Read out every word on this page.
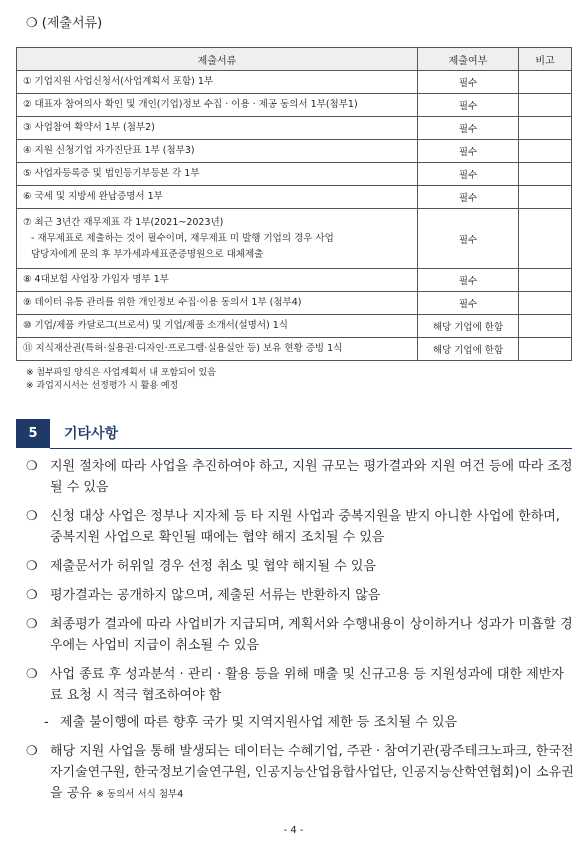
❍ (제출서류)
제출서류	제출여부	비고

① 기업지원 사업신청서(사업계획서 포함) 1부	필수	

② 대표자 참여의사 확인 및 개인(기업)정보 수집 · 이용 · 제공 동의서 1부(첨부1)	필수	

③ 사업참여 확약서 1부 (첨부2)	필수	

④ 지원 신청기업 자가진단표 1부 (첨부3)	필수	

⑤ 사업자등록증 및 법인등기부등본 각 1부	필수	

⑥ 국세 및 지방세 완납증명서 1부	필수	

⑦ 최근 3년간 재무제표 각 1부(2021~2023년)
- 재무제표로 제출하는 것이 필수이며, 재무제표 미 발행 기업의 경우 사업
담당자에게 문의 후 부가세과세표준증명원으로 대체제출	필수	

⑧ 4대보험 사업장 가입자 명부 1부	필수	

⑨ 데이터 유통 관리를 위한 개인정보 수집·이용 동의서 1부 (첨부4)	필수	

⑩ 기업/제품 카달로그(브로셔) 및 기업/제품 소개서(설명서) 1식	해당 기업에 한함	

⑪ 지식재산권(특허·실용권·디자인·프로그램·실용실안 등) 보유 현황 증빙 1식	해당 기업에 한함	
※ 첨부파일 양식은 사업계획서 내 포함되어 있음
※ 과업지시서는 선정평가 시 활용 예정
5	기타사항
❍ 지원 절차에 따라 사업을 추진하여야 하고, 지원 규모는 평가결과와 지원 여건 등에 따라 조정될 수 있음
❍ 신청 대상 사업은 정부나 지자체 등 타 지원 사업과 중복지원을 받지 아니한 사업에 한하며, 중복지원 사업으로 확인될 때에는 협약 해지 조치될 수 있음
❍ 제출문서가 허위일 경우 선정 취소 및 협약 해지될 수 있음
❍ 평가결과는 공개하지 않으며, 제출된 서류는 반환하지 않음
❍ 최종평가 결과에 따라 사업비가 지급되며, 계획서와 수행내용이 상이하거나 성과가 미흡할 경우에는 사업비 지급이 취소될 수 있음
❍ 사업 종료 후 성과분석 · 관리 · 활용 등을 위해 매출 및 신규고용 등 지원성과에 대한 제반자료 요청 시 적극 협조하여야 함
- 제출 불이행에 따른 향후 국가 및 지역지원사업 제한 등 조치될 수 있음
❍ 해당 지원 사업을 통해 발생되는 데이터는 수혜기업, 주관 · 참여기관(광주테크노파크, 한국전자기술연구원, 한국정보기술연구원, 인공지능산업융합사업단, 인공지능산학연협회)이 소유권을 공유 ※ 동의서 서식 첨부4
- 4 -
